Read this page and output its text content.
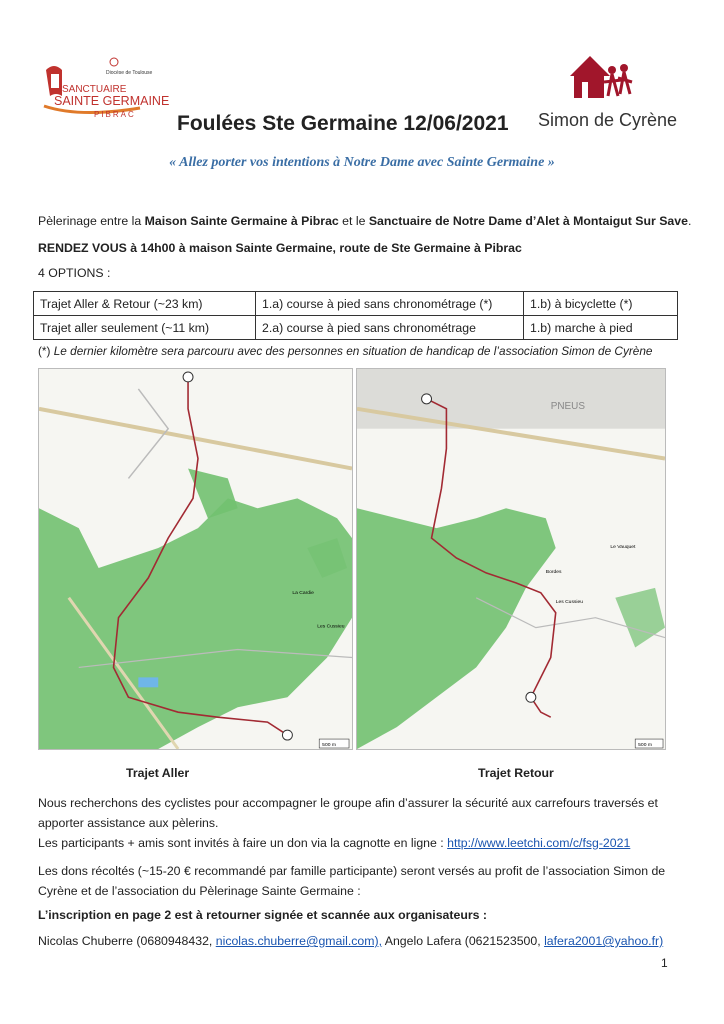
SANCTUAIRE
SAINTE GERMAINE
PIBRAC
Diocèse de Toulouse
Foulées Ste Germaine 12/06/2021 Simon de Cyrène
« Allez porter vos intentions à Notre Dame avec Sainte Germaine »
Pèlerinage entre la Maison Sainte Germaine à Pibrac et le Sanctuaire de Notre Dame d’Alet à Montaigut Sur Save.
RENDEZ VOUS à 14h00 à maison Sainte Germaine, route de Ste Germaine à Pibrac
4 OPTIONS :
Trajet Aller & Retour (~23 km)	1.a) course à pied sans chronométrage (*)	1.b) à bicyclette (*)
Trajet aller seulement (~11 km)	2.a) course à pied sans chronométrage	1.b) marche à pied
(*) Le dernier kilomètre sera parcouru avec des personnes en situation de handicap de l’association Simon de Cyrène
500 m
La Cardie
Les Cussieu
PNEUS
500 m
Les Cussieu
Bordes
Le Vauquet
Trajet Aller	Trajet Retour
Nous recherchons des cyclistes pour accompagner le groupe afin d’assurer la sécurité aux carrefours traversés et apporter assistance aux pèlerins.
Les participants + amis sont invités à faire un don via la cagnotte en ligne : http://www.leetchi.com/c/fsg-2021
Les dons récoltés (~15-20 € recommandé par famille participante) seront versés au profit de l’association Simon de Cyrène et de l’association du Pèlerinage Sainte Germaine :
L’inscription en page 2 est à retourner signée et scannée aux organisateurs :
Nicolas Chuberre (0680948432, nicolas.chuberre@gmail.com), Angelo Lafera (0621523500, lafera2001@yahoo.fr)
1
